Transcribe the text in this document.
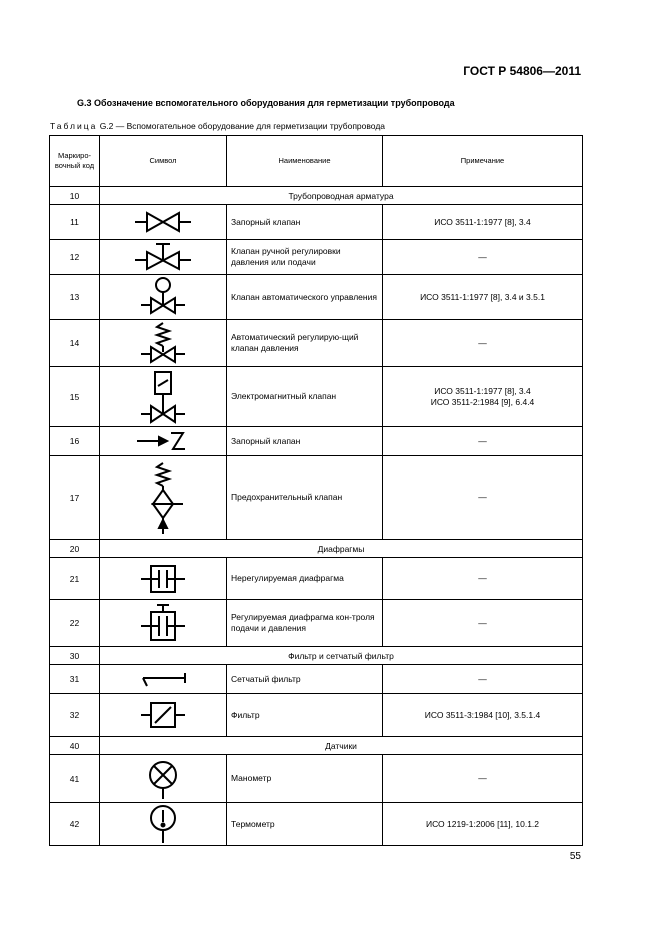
ГОСТ Р 54806—2011
G.3 Обозначение вспомогательного оборудования для герметизации трубопровода
Таблица G.2 — Вспомогательное оборудование для герметизации трубопровода
Маркиро-вочный код	Символ	Наименование	Примечание
10	Трубопроводная арматура		
11		Запорный клапан	ИСО 3511-1:1977 [8], 3.4
12		Клапан ручной регулировки давления или подачи	—
13		Клапан автоматического управления	ИСО 3511-1:1977 [8], 3.4 и 3.5.1
14		Автоматический регулирую-щий клапан давления	—
15		Электромагнитный клапан	ИСО 3511-1:1977 [8], 3.4
ИСО 3511-2:1984 [9], 6.4.4
16		Запорный клапан	—
17		Предохранительный клапан	—
20	Диафрагмы		
21		Нерегулируемая диафрагма	—
22		Регулируемая диафрагма кон-троля подачи и давления	—
30	Фильтр и сетчатый фильтр		
31		Сетчатый фильтр	—
32		Фильтр	ИСО 3511-3:1984 [10], 3.5.1.4
40	Датчики		
41		Манометр	—
42		Термометр	ИСО 1219-1:2006 [11], 10.1.2
55
